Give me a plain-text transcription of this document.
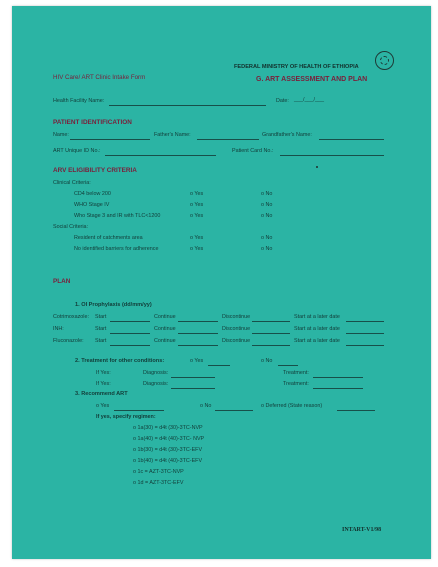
FEDERAL MINISTRY OF HEALTH OF ETHIOPIA
HIV Care/ ART Clinic Intake Form	G. ART ASSESSMENT AND PLAN
Health Facility Name:	Date: ___/___/___
PATIENT IDENTIFICATION
Name:	Father's Name:	Grandfather's Name:
ART Unique ID No.:	Patient Card No.:
ARV ELIGIBILITY CRITERIA
Clinical Criteria:
CD4 below 200	o Yes	o No
WHO Stage IV	o Yes	o No
Who Stage 3 and IR with TLC<1200	o Yes	o No
Social Criteria:
Resident of catchments area	o Yes	o No
No identified barriers for adherence	o Yes	o No
PLAN
1. OI Prophylaxis (dd/mm/yy)
Cotrimoxazole: Start	Continue	Discontinue	Start at a later date
INH:	Start	Continue	Discontinue	Start at a later date
Fluconazole: Start	Continue	Discontinue	Start at a later date
2. Treatment for other conditions:	o Yes	o No
If Yes:	Diagnosis:	Treatment:
If Yes:	Diagnosis:	Treatment:
3. Recommend ART
o Yes	o No	o Deferred (State reason)
If yes, specify regimen:
o 1a(30) = d4t (30)-3TC-NVP
o 1a(40) = d4t (40)-3TC- NVP
o 1b(30) = d4t (30)-3TC-EFV
o 1b(40) = d4t (40)-3TC-EFV
o 1c = AZT-3TC-NVP
o 1d = AZT-3TC-EFV
INTART-V1/98
